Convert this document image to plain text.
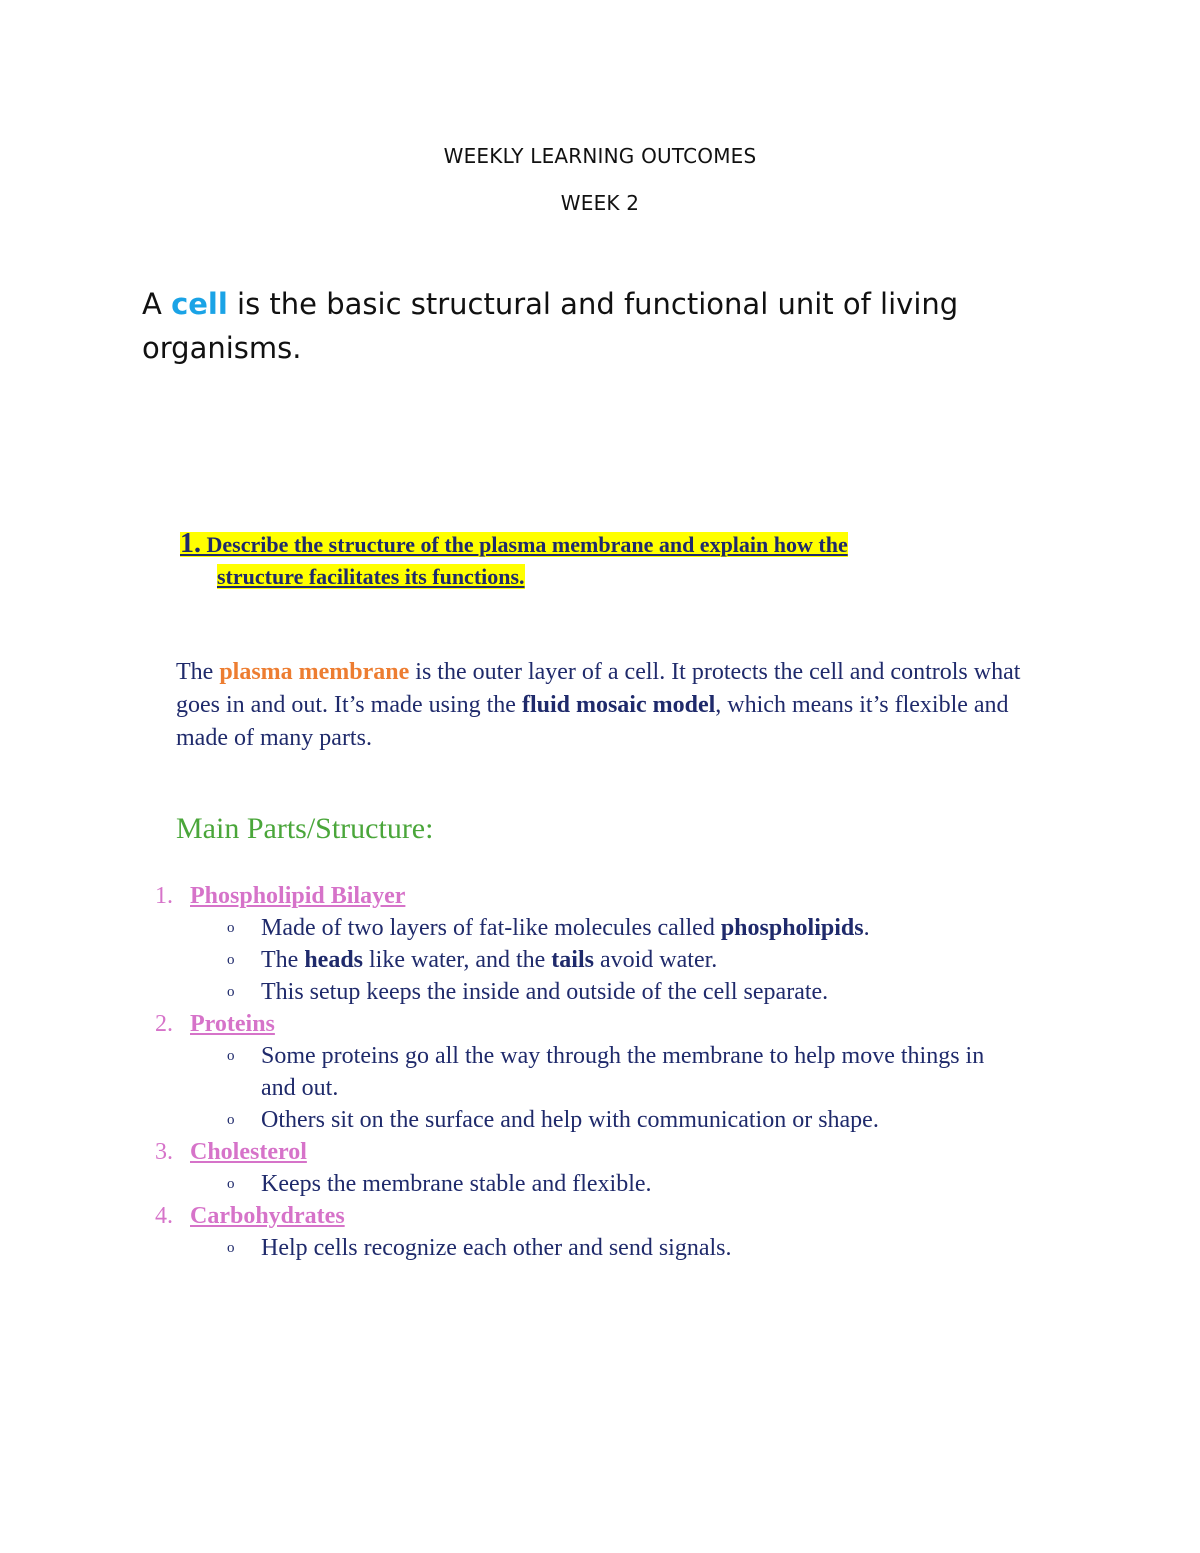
WEEKLY LEARNING OUTCOMES
WEEK 2
A cell is the basic structural and functional unit of living organisms.
1. Describe the structure of the plasma membrane and explain how the
structure facilitates its functions.
The plasma membrane is the outer layer of a cell. It protects the cell and controls what goes in and out. It’s made using the fluid mosaic model, which means it’s flexible and made of many parts.
Main Parts/Structure:
1. Phospholipid Bilayer
o Made of two layers of fat-like molecules called phospholipids.
o The heads like water, and the tails avoid water.
o This setup keeps the inside and outside of the cell separate.
2. Proteins
o Some proteins go all the way through the membrane to help move things in and out.
o Others sit on the surface and help with communication or shape.
3. Cholesterol
o Keeps the membrane stable and flexible.
4. Carbohydrates
o Help cells recognize each other and send signals.
